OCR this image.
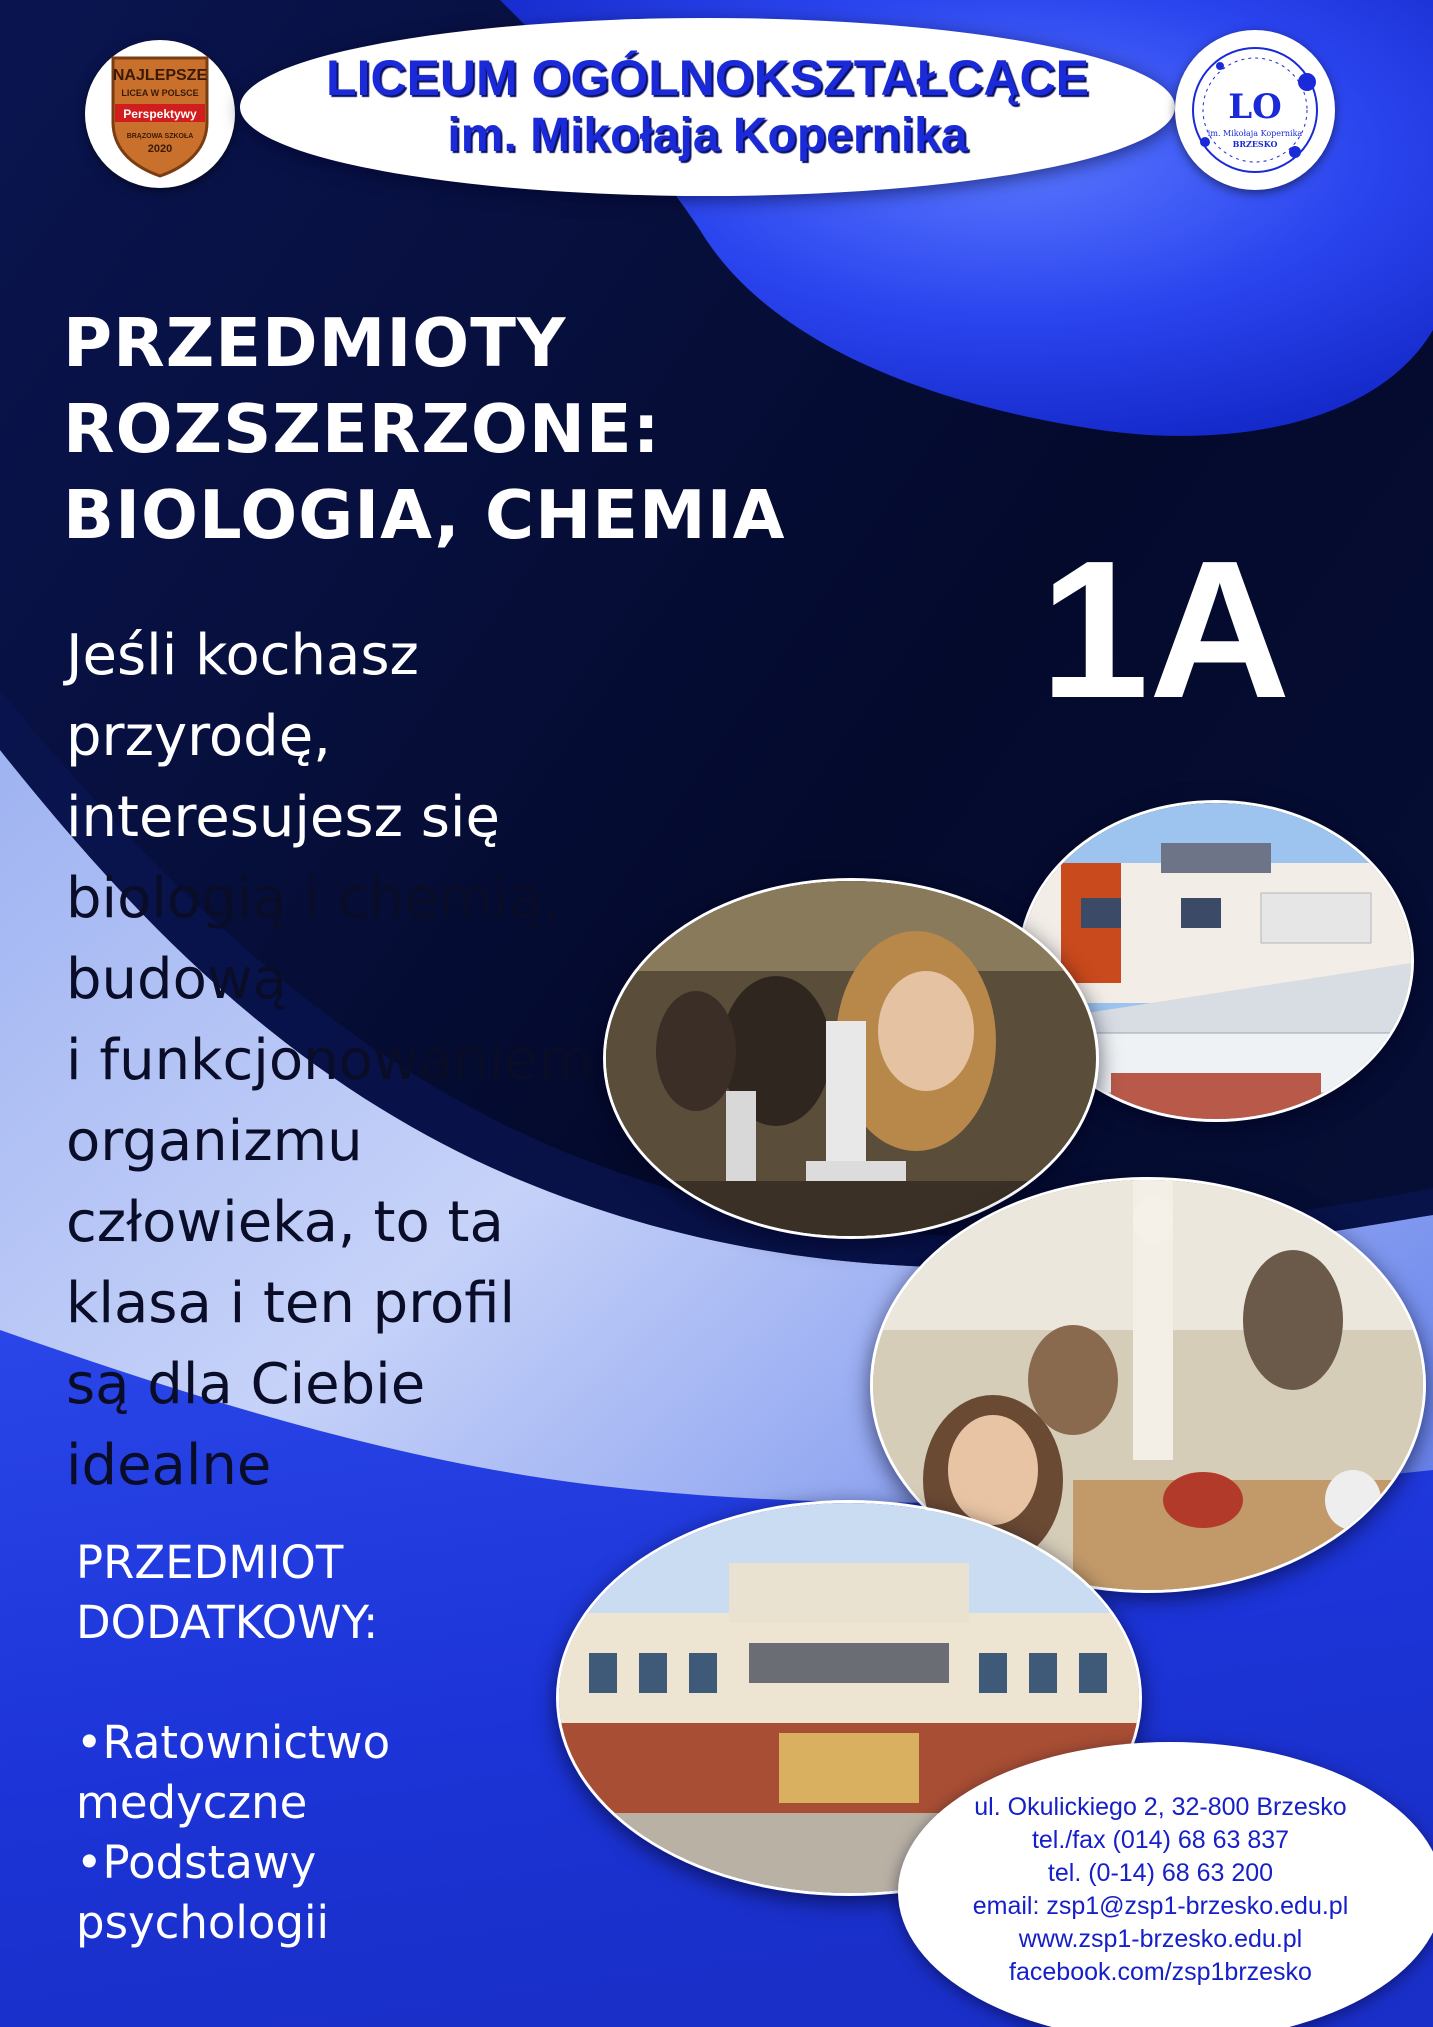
NAJLEPSZE
LICEA W POLSCE
Perspektywy
BRĄZOWA SZKOŁA
2020
LICEUM OGÓLNOKSZTAŁCĄCE
im. Mikołaja Kopernika
LO
im. Mikołaja Kopernika
BRZESKO
PRZEDMIOTY
ROZSZERZONE:
BIOLOGIA, CHEMIA
1A
Jeśli kochasz
przyrodę,
interesujesz się
biologią i chemią,
budową
i funkcjonowaniem
organizmu
człowieka, to ta
klasa i ten profil
są dla Ciebie
idealne
PRZEDMIOT
DODATKOWY:
•Ratownictwo
medyczne
•Podstawy
psychologii
ul. Okulickiego 2, 32-800 Brzesko
tel./fax (014) 68 63 837
tel. (0-14) 68 63 200
email: zsp1@zsp1-brzesko.edu.pl
www.zsp1-brzesko.edu.pl
facebook.com/zsp1brzesko
